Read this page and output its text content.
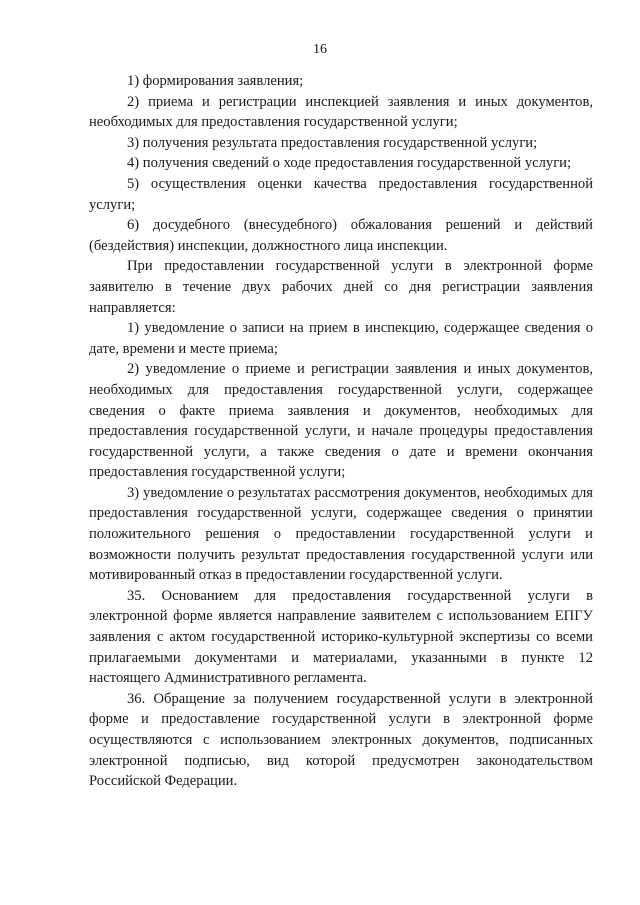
16

1) формирования заявления;

2) приема и регистрации инспекцией заявления и иных документов, необходимых для предоставления государственной услуги;

3) получения результата предоставления государственной услуги;

4) получения сведений о ходе предоставления государственной услуги;

5) осуществления оценки качества предоставления государственной услуги;

6) досудебного (внесудебного) обжалования решений и действий (бездействия) инспекции, должностного лица инспекции.

При предоставлении государственной услуги в электронной форме заявителю в течение двух рабочих дней со дня регистрации заявления направляется:

1) уведомление о записи на прием в инспекцию, содержащее сведения о дате, времени и месте приема;

2) уведомление о приеме и регистрации заявления и иных документов, необходимых для предоставления государственной услуги, содержащее сведения о факте приема заявления и документов, необходимых для предоставления государственной услуги, и начале процедуры предоставления государственной услуги, а также сведения о дате и времени окончания предоставления государственной услуги;

3) уведомление о результатах рассмотрения документов, необходимых для предоставления государственной услуги, содержащее сведения о принятии положительного решения о предоставлении государственной услуги и возможности получить результат предоставления государственной услуги или мотивированный отказ в предоставлении государственной услуги.

35. Основанием для предоставления государственной услуги в электронной форме является направление заявителем с использованием ЕПГУ заявления с актом государственной историко-культурной экспертизы со всеми прилагаемыми документами и материалами, указанными в пункте 12 настоящего Административного регламента.

36. Обращение за получением государственной услуги в электронной форме и предоставление государственной услуги в электронной форме осуществляются с использованием электронных документов, подписанных электронной подписью, вид которой предусмотрен законодательством Российской Федерации.
